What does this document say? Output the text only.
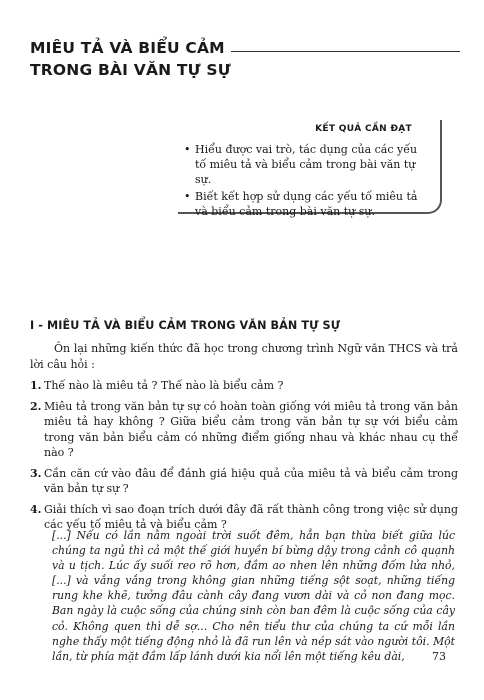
MIÊU TẢ VÀ BIỂU CẢM
TRONG BÀI VĂN TỰ SỰ
KẾT QUẢ CẦN ĐẠT
• Hiểu được vai trò, tác dụng của các yếu tố miêu tả và biểu cảm trong bài văn tự sự.
• Biết kết hợp sử dụng các yếu tố miêu tả và biểu cảm trong bài văn tự sự.
I - MIÊU TẢ VÀ BIỂU CẢM TRONG VĂN BẢN TỰ SỰ

Ôn lại những kiến thức đã học trong chương trình Ngữ văn THCS và trả lời câu hỏi :

1. Thế nào là miêu tả ? Thế nào là biểu cảm ?
2. Miêu tả trong văn bản tự sự có hoàn toàn giống với miêu tả trong văn bản miêu tả hay không ? Giữa biểu cảm trong văn bản tự sự với biểu cảm trong văn bản biểu cảm có những điểm giống nhau và khác nhau cụ thể nào ?
3. Cần căn cứ vào đâu để đánh giá hiệu quả của miêu tả và biểu cảm trong văn bản tự sự ?
4. Giải thích vì sao đoạn trích dưới đây đã rất thành công trong việc sử dụng các yếu tố miêu tả và biểu cảm ?

[...] Nếu có lần nằm ngoài trời suốt đêm, hẳn bạn thừa biết giữa lúc chúng ta ngủ thì cả một thế giới huyền bí bừng dậy trong cảnh cô quạnh và u tịch. Lúc ấy suối reo rõ hơn, đầm ao nhen lên những đốm lửa nhỏ, [...] và vắng vắng trong không gian những tiếng sột soạt, những tiếng rung khe khẽ, tưởng đâu cành cây đang vươn dài và cỏ non đang mọc. Ban ngày là cuộc sống của chúng sinh còn ban đêm là cuộc sống của cây cỏ. Không quen thì dễ sợ... Cho nên tiểu thư của chúng ta cứ mỗi lần nghe thấy một tiếng động nhỏ là đã run lên và nép sát vào người tôi. Một lần, từ phía mặt đầm lấp lánh dưới kia nổi lên một tiếng kêu dài,	73
